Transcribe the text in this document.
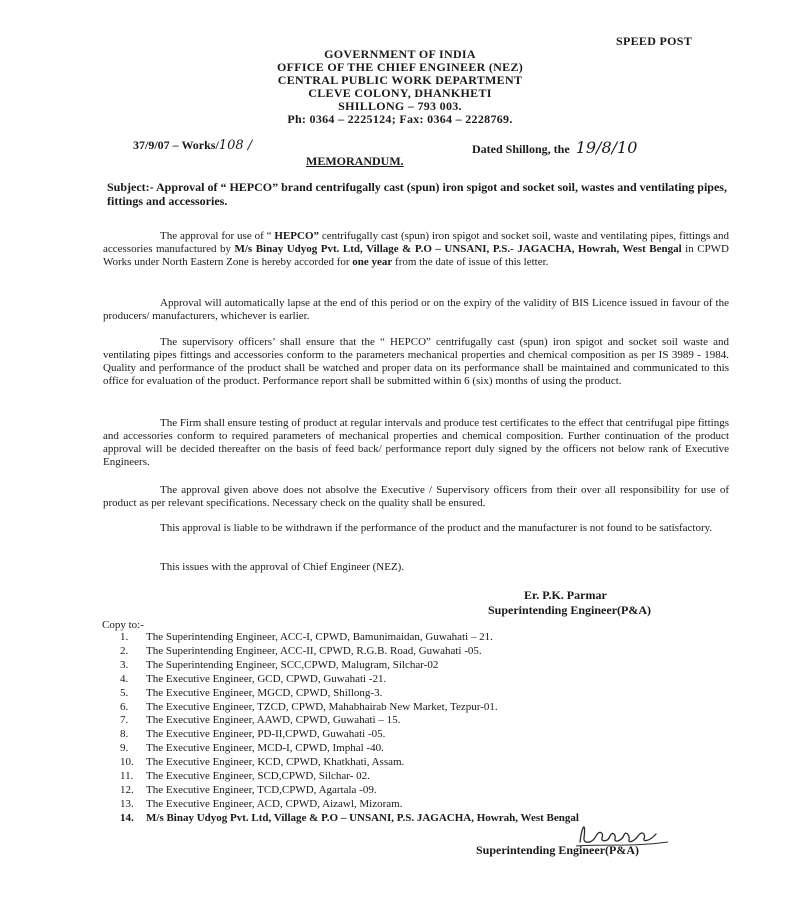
SPEED POST
GOVERNMENT OF INDIA
OFFICE OF THE CHIEF ENGINEER (NEZ)
CENTRAL PUBLIC WORK DEPARTMENT
CLEVE COLONY, DHANKHETI
SHILLONG – 793 003.
Ph: 0364 – 2225124; Fax: 0364 – 2228769.
37/9/07 – Works/108 /	Dated Shillong, the 19/8/10
MEMORANDUM.
Subject:- Approval of “ HEPCO” brand centrifugally cast (spun) iron spigot and socket soil, wastes and ventilating pipes, fittings and accessories.
The approval for use of “ HEPCO” centrifugally cast (spun) iron spigot and socket soil, waste and ventilating pipes, fittings and accessories manufactured by M/s Binay Udyog Pvt. Ltd, Village & P.O – UNSANI, P.S.- JAGACHA, Howrah, West Bengal in CPWD Works under North Eastern Zone is hereby accorded for one year from the date of issue of this letter.
Approval will automatically lapse at the end of this period or on the expiry of the validity of BIS Licence issued in favour of the producers/ manufacturers, whichever is earlier.
The supervisory officers’ shall ensure that the “ HEPCO” centrifugally cast (spun) iron spigot and socket soil waste and ventilating pipes fittings and accessories conform to the parameters mechanical properties and chemical composition as per IS 3989 - 1984. Quality and performance of the product shall be watched and proper data on its performance shall be maintained and communicated to this office for evaluation of the product. Performance report shall be submitted within 6 (six) months of using the product.
The Firm shall ensure testing of product at regular intervals and produce test certificates to the effect that centrifugal pipe fittings and accessories conform to required parameters of mechanical properties and chemical composition. Further continuation of the product approval will be decided thereafter on the basis of feed back/ performance report duly signed by the officers not below rank of Executive Engineers.
The approval given above does not absolve the Executive / Supervisory officers from their over all responsibility for use of product as per relevant specifications. Necessary check on the quality shall be ensured.
This approval is liable to be withdrawn if the performance of the product and the manufacturer is not found to be satisfactory.
This issues with the approval of Chief Engineer (NEZ).
Er. P.K. Parmar
Superintending Engineer(P&A)
Copy to:-
1. The Superintending Engineer, ACC-I, CPWD, Bamunimaidan, Guwahati – 21.
2. The Superintending Engineer, ACC-II, CPWD, R.G.B. Road, Guwahati -05.
3. The Superintending Engineer, SCC,CPWD, Malugram, Silchar-02
4. The Executive Engineer, GCD, CPWD, Guwahati -21.
5. The Executive Engineer, MGCD, CPWD, Shillong-3.
6. The Executive Engineer, TZCD, CPWD, Mahabhairab New Market, Tezpur-01.
7. The Executive Engineer, AAWD, CPWD, Guwahati – 15.
8. The Executive Engineer, PD-II,CPWD, Guwahati -05.
9. The Executive Engineer, MCD-I, CPWD, Imphal -40.
10. The Executive Engineer, KCD, CPWD, Khatkhati, Assam.
11. The Executive Engineer, SCD,CPWD, Silchar- 02.
12. The Executive Engineer, TCD,CPWD, Agartala -09.
13. The Executive Engineer, ACD, CPWD, Aizawl, Mizoram.
14. M/s Binay Udyog Pvt. Ltd, Village & P.O – UNSANI, P.S. JAGACHA, Howrah, West Bengal
Superintending Engineer(P&A)
